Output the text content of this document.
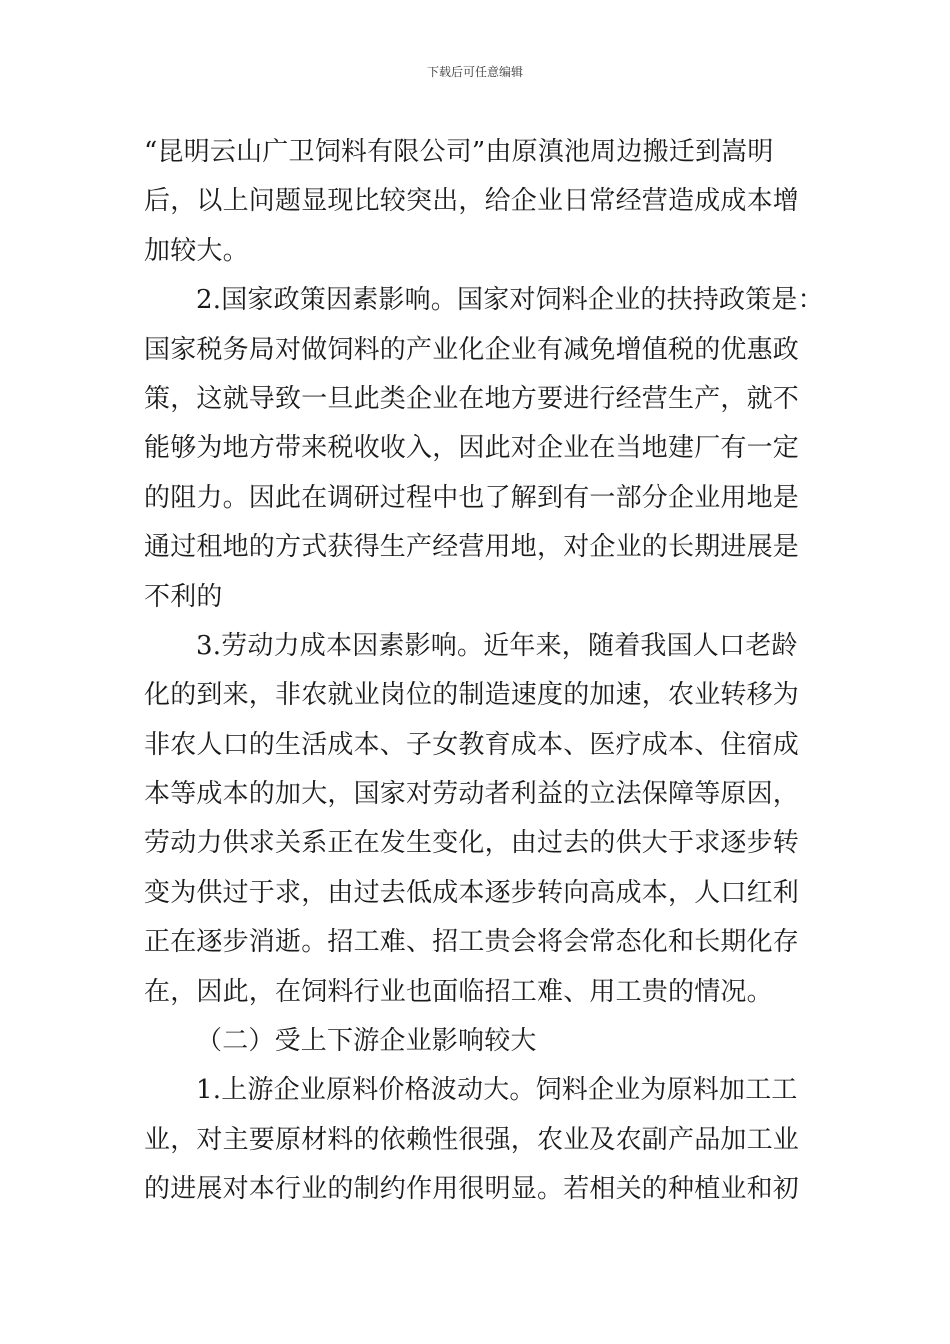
下载后可任意编辑
“昆明云山广卫饲料有限公司”由原滇池周边搬迁到嵩明
后，以上问题显现比较突出，给企业日常经营造成成本增
加较大。
2.国家政策因素影响。国家对饲料企业的扶持政策是：
国家税务局对做饲料的产业化企业有减免增值税的优惠政
策，这就导致一旦此类企业在地方要进行经营生产，就不
能够为地方带来税收收入，因此对企业在当地建厂有一定
的阻力。因此在调研过程中也了解到有一部分企业用地是
通过租地的方式获得生产经营用地，对企业的长期进展是
不利的
3.劳动力成本因素影响。近年来，随着我国人口老龄
化的到来，非农就业岗位的制造速度的加速，农业转移为
非农人口的生活成本、子女教育成本、医疗成本、住宿成
本等成本的加大，国家对劳动者利益的立法保障等原因，
劳动力供求关系正在发生变化，由过去的供大于求逐步转
变为供过于求，由过去低成本逐步转向高成本，人口红利
正在逐步消逝。招工难、招工贵会将会常态化和长期化存
在，因此，在饲料行业也面临招工难、用工贵的情况。
（二）受上下游企业影响较大
1.上游企业原料价格波动大。饲料企业为原料加工工
业，对主要原材料的依赖性很强，农业及农副产品加工业
的进展对本行业的制约作用很明显。若相关的种植业和初
